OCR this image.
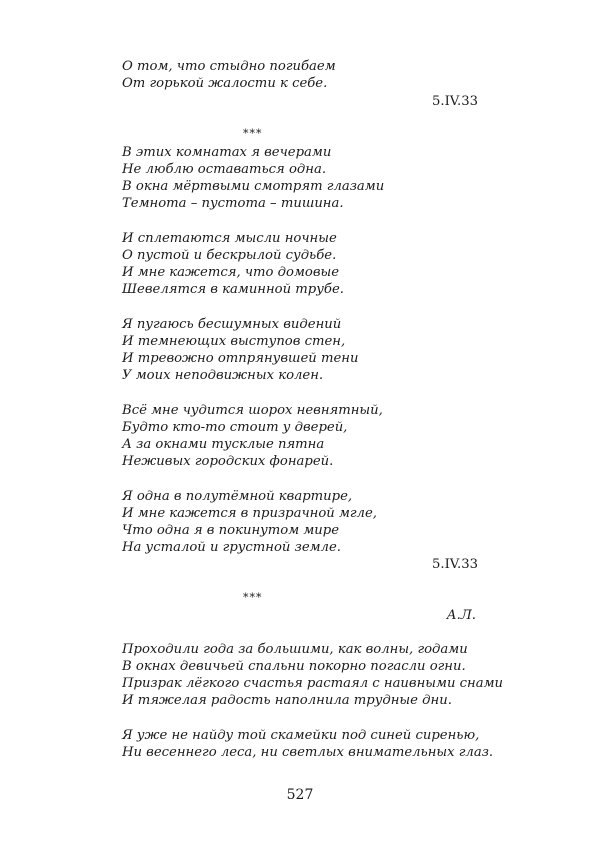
О том, что стыдно погибаем
От горькой жалости к себе.
5.IV.33
***
В этих комнатах я вечерами
Не люблю оставаться одна.
В окна мёртвыми смотрят глазами
Темнота – пустота – тишина.
И сплетаются мысли ночные
О пустой и бескрылой судьбе.
И мне кажется, что домовые
Шевелятся в каминной трубе.
Я пугаюсь бесшумных видений
И темнеющих выступов стен,
И тревожно отпрянувшей тени
У моих неподвижных колен.
Всё мне чудится шорох невнятный,
Будто кто-то стоит у дверей,
А за окнами тусклые пятна
Неживых городских фонарей.
Я одна в полутёмной квартире,
И мне кажется в призрачной мгле,
Что одна я в покинутом мире
На усталой и грустной земле.
5.IV.33
***
А.Л.
Проходили года за большими, как волны, годами
В окнах девичьей спальни покорно погасли огни.
Призрак лёгкого счастья растаял с наивными снами
И тяжелая радость наполнила трудные дни.
Я уже не найду той скамейки под синей сиренью,
Ни весеннего леса, ни светлых внимательных глаз.
527
